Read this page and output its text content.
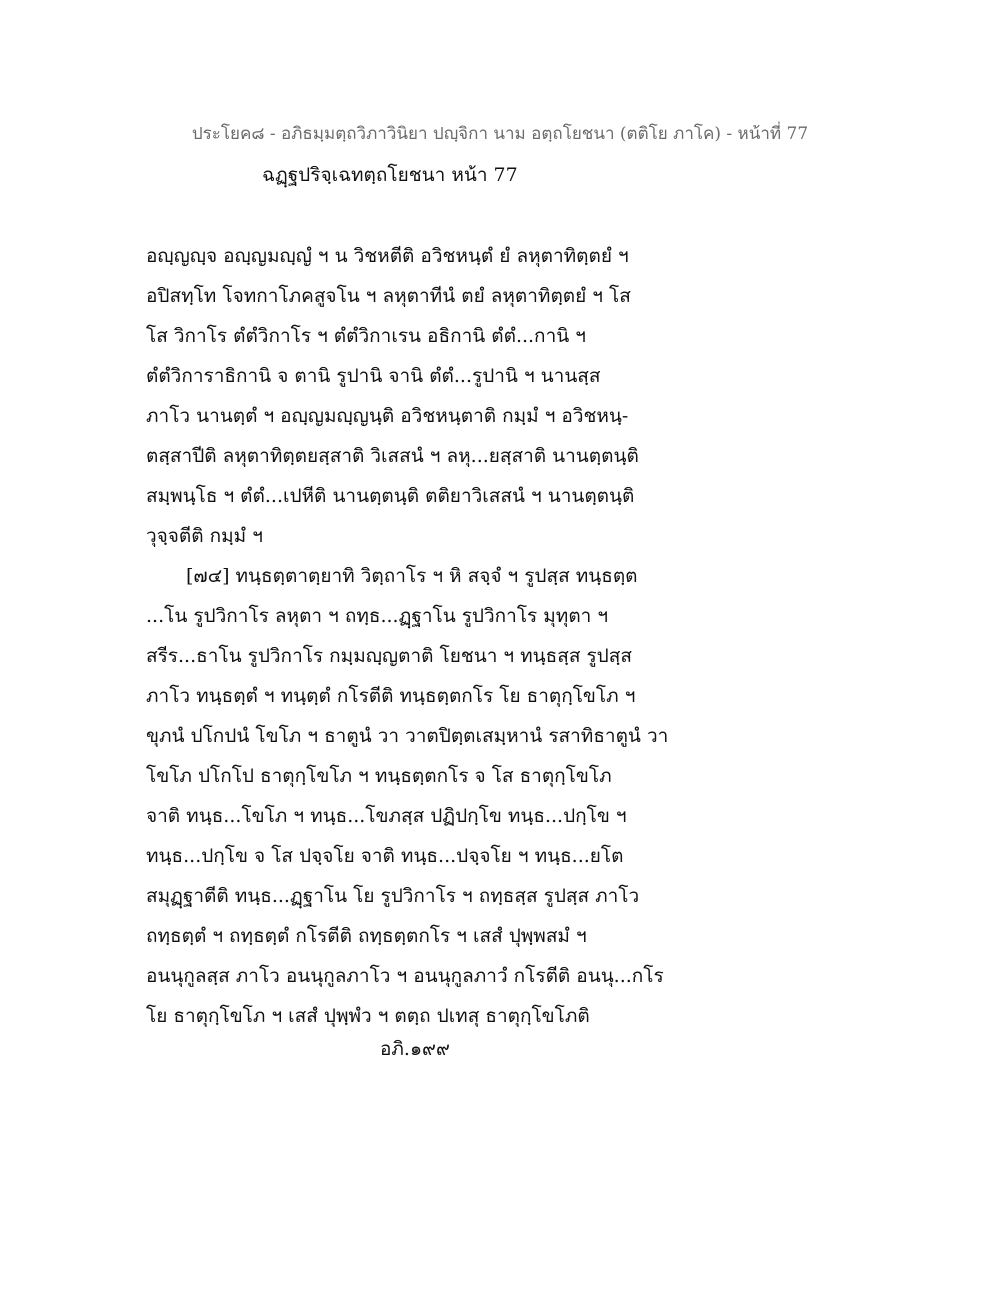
ประโยค๘ - อภิธมฺมตฺถวิภาวินิยา ปญฺจิกา นาม อตฺถโยชนา (ตติโย ภาโค) - หน้าที่ 77
ฉฏฺฐปริจฺเฉทตฺถโยชนา หน้า 77
อญฺญญฺจ อญฺญมญฺญํ ฯ น วิชหตีติ อวิชหนฺตํ ยํ ลหุตาทิตฺตยํ ฯ
อปิสทฺโท โจทกาโภคสูจโน ฯ ลหุตาทีนํ ตยํ ลหุตาทิตฺตยํ ฯ โส
โส วิกาโร ตํตํวิกาโร ฯ ตํตํวิกาเรน อธิกานิ ตํตํ...กานิ ฯ
ตํตํวิการาธิกานิ จ ตานิ รูปานิ จานิ ตํตํ...รูปานิ ฯ นานสฺส
ภาโว นานตฺตํ ฯ อญฺญมญฺญนฺติ อวิชหนฺตาติ กมฺมํ ฯ อวิชหนฺ-
ตสฺสาปีติ ลหุตาทิตฺตยสฺสาติ วิเสสนํ ฯ ลหุ...ยสฺสาติ นานตฺตนฺติ
สมฺพนฺโธ ฯ ตํตํ...เปหีติ นานตฺตนฺติ ตติยาวิเสสนํ ฯ นานตฺตนฺติ
วุจฺจตีติ กมฺมํ ฯ
[๗๔] ทนฺธตฺตาตฺยาทิ วิตฺถาโร ฯ หิ สจฺจํ ฯ รูปสฺส ทนฺธตฺต
...โน รูปวิกาโร ลหุตา ฯ ถทฺธ...ฏฺฐาโน รูปวิกาโร มุทุตา ฯ
สรีร...ธาโน รูปวิกาโร กมฺมญฺญตาติ โยชนา ฯ ทนฺธสฺส รูปสฺส
ภาโว ทนฺธตฺตํ ฯ ทนฺตฺตํ กโรตีติ ทนฺธตฺตกโร โย ธาตุกฺโขโภ ฯ
ขุภนํ ปโกปนํ โขโภ ฯ ธาตูนํ วา วาตปิตฺตเสมฺหานํ รสาทิธาตูนํ วา
โขโภ ปโกโป ธาตุกฺโขโภ ฯ ทนฺธตฺตกโร จ โส ธาตุกฺโขโภ
จาติ ทนฺธ...โขโภ ฯ ทนฺธ...โขภสฺส ปฏิปกฺโข ทนฺธ...ปกฺโข ฯ
ทนฺธ...ปกฺโข จ โส ปจฺจโย จาติ ทนฺธ...ปจฺจโย ฯ ทนฺธ...ยโต
สมุฏฺฐาตีติ ทนฺธ...ฏฺฐาโน โย รูปวิกาโร ฯ ถทฺธสฺส รูปสฺส ภาโว
ถทฺธตฺตํ ฯ ถทฺธตฺตํ กโรตีติ ถทฺธตฺตกโร ฯ เสสํ ปุพฺพสมํ ฯ
อนนุกูลสฺส ภาโว อนนุกูลภาโว ฯ อนนุกูลภาวํ กโรตีติ อนนุ...กโร
โย ธาตุกฺโขโภ ฯ เสสํ ปุพฺพํว ฯ ตตฺถ ปเทสุ ธาตุกฺโขโภติ
อภิ.๑๙๙
